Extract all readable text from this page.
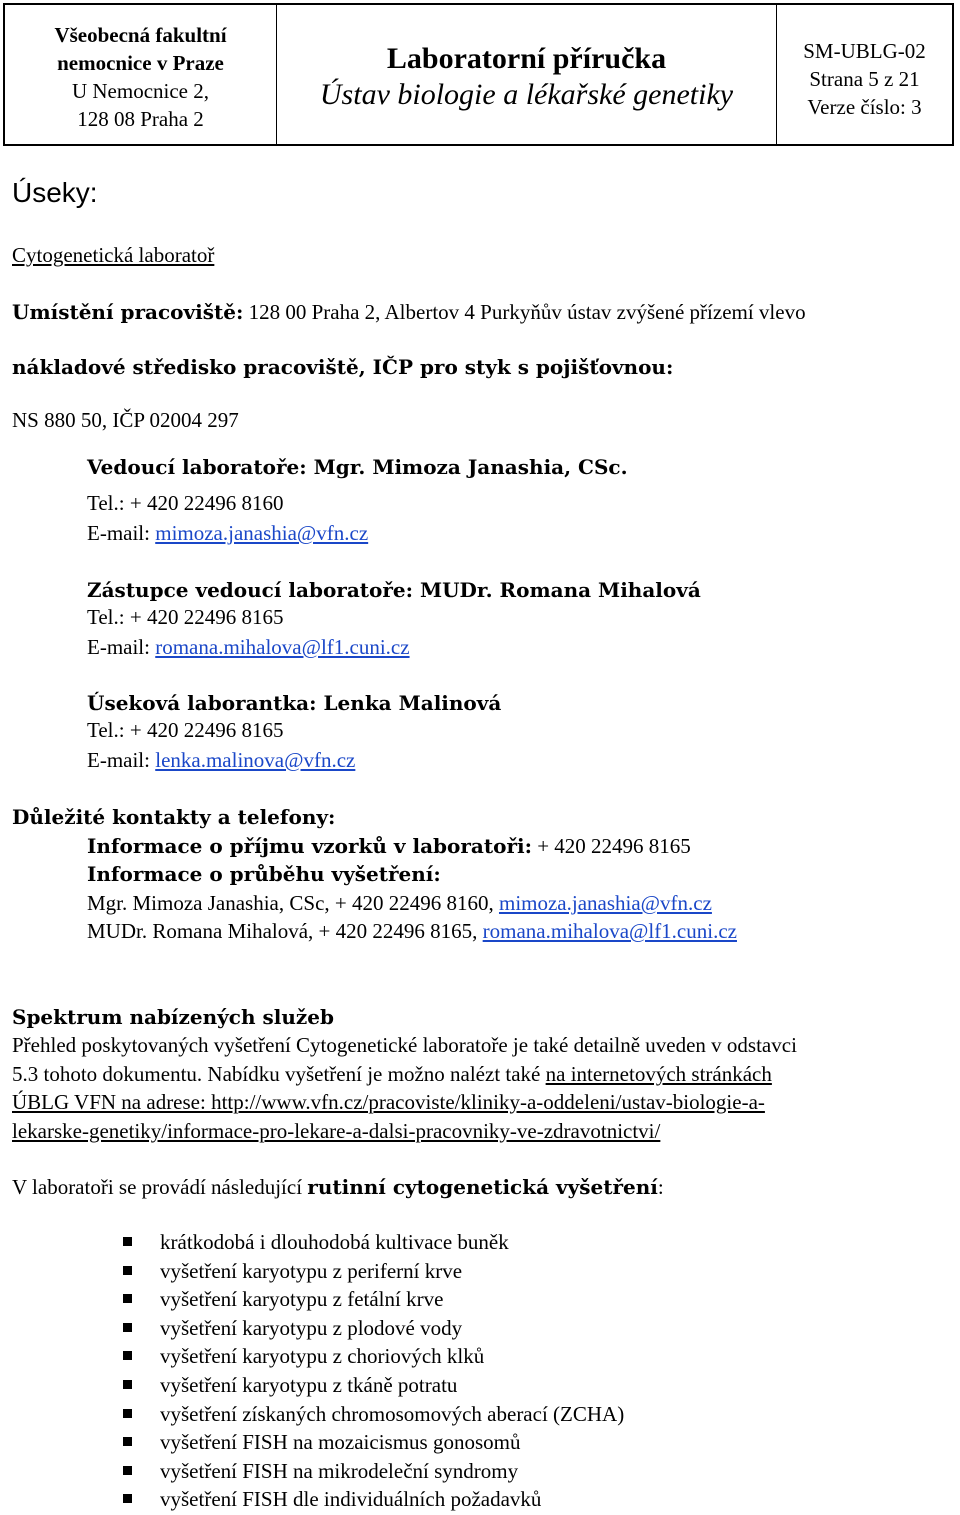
Všeobecná fakultní
nemocnice v Praze
U Nemocnice 2,
128 08 Praha 2
Laboratorní příručka
Ústav biologie a lékařské genetiky
SM-UBLG-02
Strana 5 z 21
Verze číslo: 3
Úseky:
Cytogenetická laboratoř
Umístění pracoviště: 128 00 Praha 2, Albertov 4 Purkyňův ústav zvýšené přízemí vlevo
nákladové středisko pracoviště, IČP pro styk s pojišťovnou:
NS 880 50, IČP 02004 297
Vedoucí laboratoře: Mgr. Mimoza Janashia, CSc.
Tel.: + 420 22496 8160
E-mail: mimoza.janashia@vfn.cz
Zástupce vedoucí laboratoře: MUDr. Romana Mihalová
Tel.: + 420 22496 8165
E-mail: romana.mihalova@lf1.cuni.cz
Úseková laborantka: Lenka Malinová
Tel.: + 420 22496 8165
E-mail: lenka.malinova@vfn.cz
Důležité kontakty a telefony:
Informace o příjmu vzorků v laboratoři: + 420 22496 8165
Informace o průběhu vyšetření:
Mgr. Mimoza Janashia, CSc, + 420 22496 8160, mimoza.janashia@vfn.cz
MUDr. Romana Mihalová, + 420 22496 8165, romana.mihalova@lf1.cuni.cz
Spektrum nabízených služeb
Přehled poskytovaných vyšetření Cytogenetické laboratoře je také detailně uveden v odstavci
5.3 tohoto dokumentu. Nabídku vyšetření je možno nalézt také na internetových stránkách
ÚBLG VFN na adrese: http://www.vfn.cz/pracoviste/kliniky-a-oddeleni/ustav-biologie-a-
lekarske-genetiky/informace-pro-lekare-a-dalsi-pracovniky-ve-zdravotnictvi/
V laboratoři se provádí následující rutinní cytogenetická vyšetření:
krátkodobá i dlouhodobá kultivace buněk
vyšetření karyotypu z periferní krve
vyšetření karyotypu z fetální krve
vyšetření karyotypu z plodové vody
vyšetření karyotypu z choriových klků
vyšetření karyotypu z tkáně potratu
vyšetření získaných chromosomových aberací (ZCHA)
vyšetření FISH na mozaicismus gonosomů
vyšetření FISH na mikrodeleční syndromy
vyšetření FISH dle individuálních požadavků
